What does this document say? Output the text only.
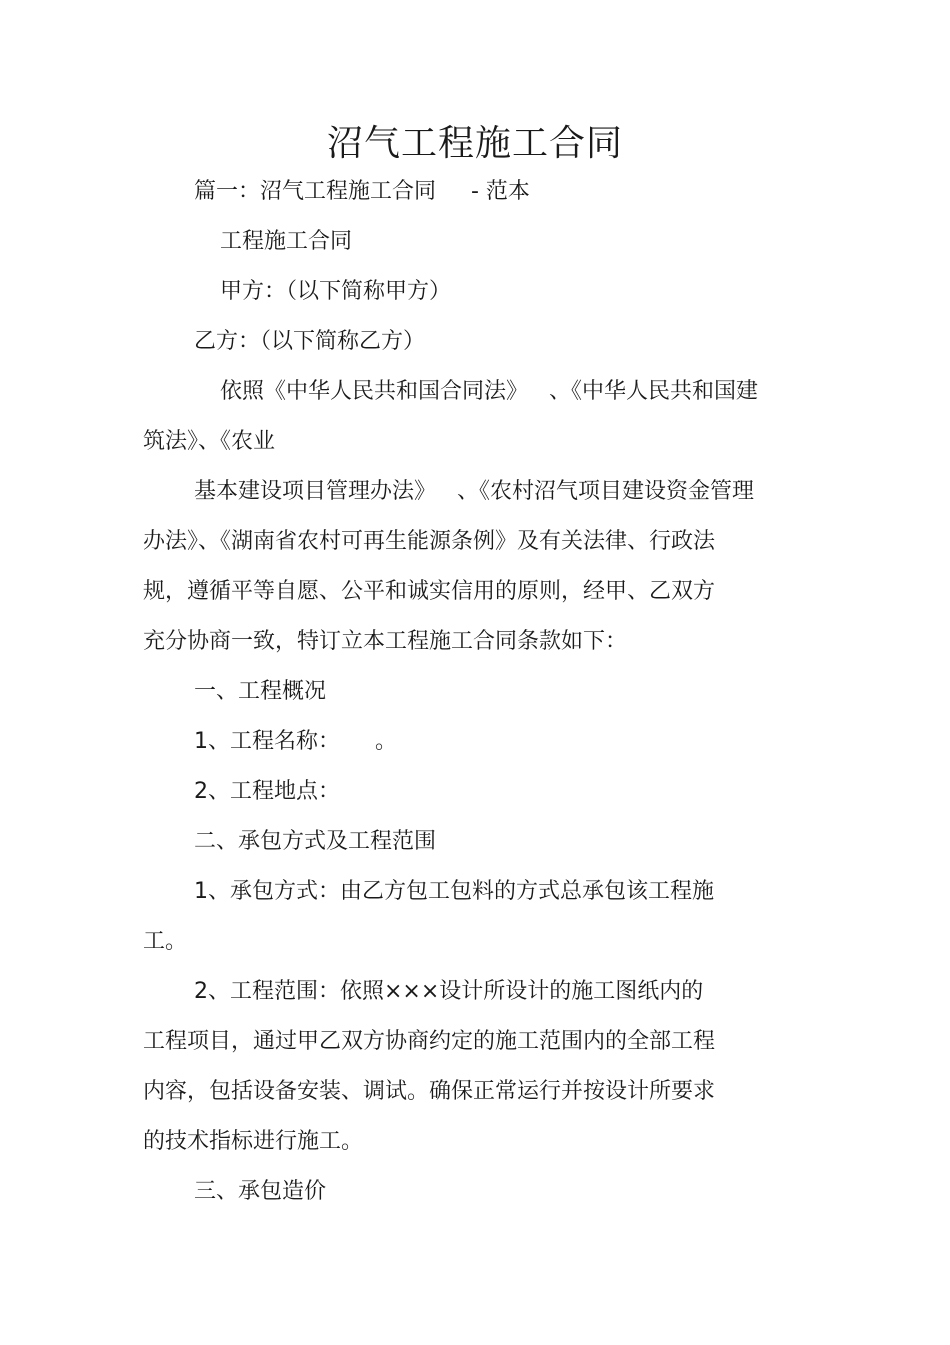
沼气工程施工合同

篇一：沼气工程施工合同     - 范本

工程施工合同

甲方：（以下简称甲方）

乙方：（以下简称乙方）

依照《中华人民共和国合同法》   、《中华人民共和国建

筑法》、《农业

基本建设项目管理办法》   、《农村沼气项目建设资金管理

办法》、《湖南省农村可再生能源条例》及有关法律、行政法

规，遵循平等自愿、公平和诚实信用的原则，经甲、乙双方

充分协商一致，特订立本工程施工合同条款如下：

一、工程概况

1、工程名称：     。

2、工程地点：

二、承包方式及工程范围

1、承包方式：由乙方包工包料的方式总承包该工程施

工。

2、工程范围：依照×××设计所设计的施工图纸内的

工程项目，通过甲乙双方协商约定的施工范围内的全部工程

内容，包括设备安装、调试。确保正常运行并按设计所要求

的技术指标进行施工。

三、承包造价
